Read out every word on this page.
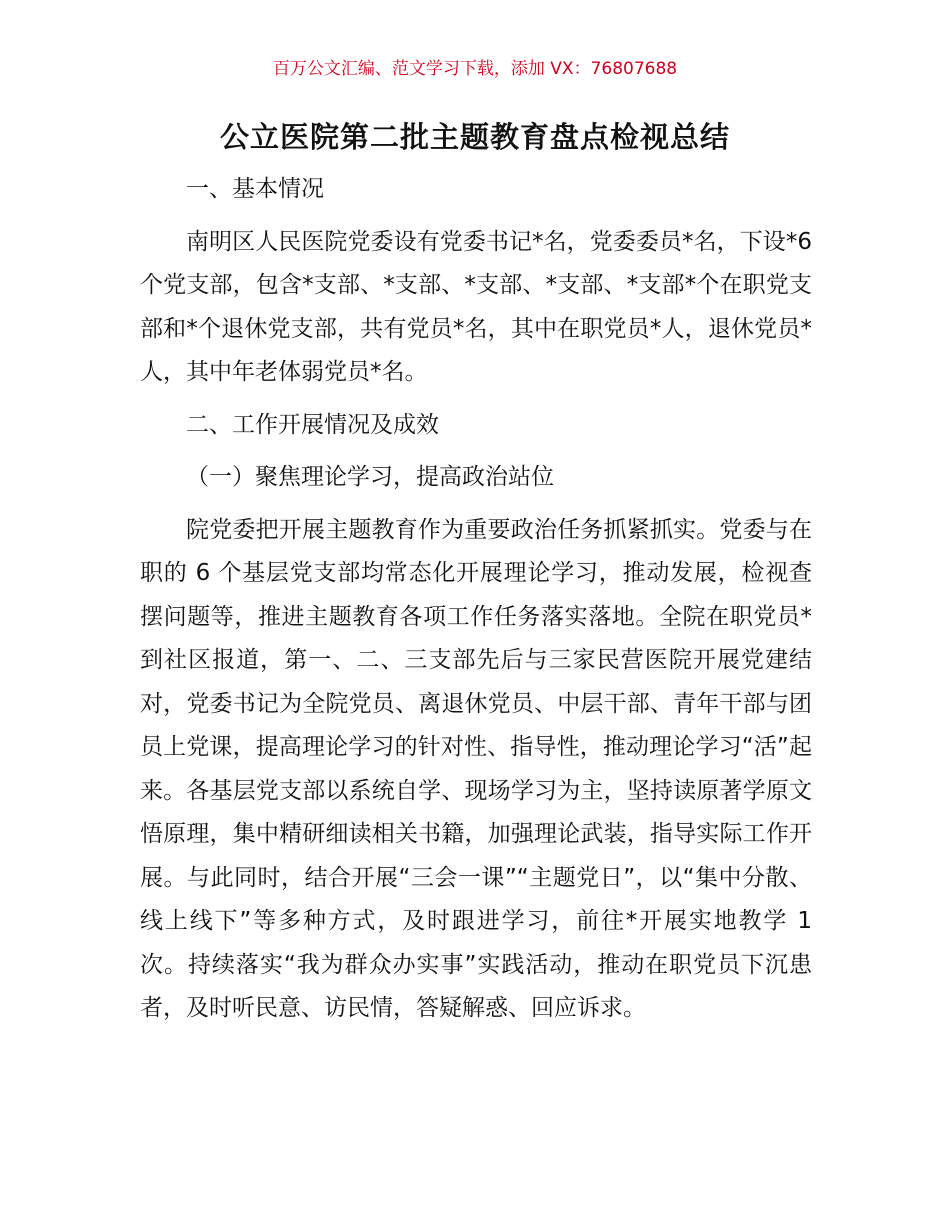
百万公文汇编、范文学习下载，添加 VX：76807688
公立医院第二批主题教育盘点检视总结

一、基本情况

南明区人民医院党委设有党委书记*名，党委委员*名，下设*6 个党支部，包含*支部、*支部、*支部、*支部、*支部*个在职党支部和*个退休党支部，共有党员*名，其中在职党员*人，退休党员*人，其中年老体弱党员*名。

二、工作开展情况及成效

（一）聚焦理论学习，提高政治站位

院党委把开展主题教育作为重要政治任务抓紧抓实。党委与在职的 6 个基层党支部均常态化开展理论学习，推动发展，检视查摆问题等，推进主题教育各项工作任务落实落地。全院在职党员*到社区报道，第一、二、三支部先后与三家民营医院开展党建结对，党委书记为全院党员、离退休党员、中层干部、青年干部与团员上党课，提高理论学习的针对性、指导性，推动理论学习“活”起来。各基层党支部以系统自学、现场学习为主，坚持读原著学原文悟原理，集中精研细读相关书籍，加强理论武装，指导实际工作开展。与此同时，结合开展“三会一课”“主题党日”，以“集中分散、线上线下”等多种方式，及时跟进学习，前往*开展实地教学 1 次。持续落实“我为群众办实事”实践活动，推动在职党员下沉患者，及时听民意、访民情，答疑解惑、回应诉求。
